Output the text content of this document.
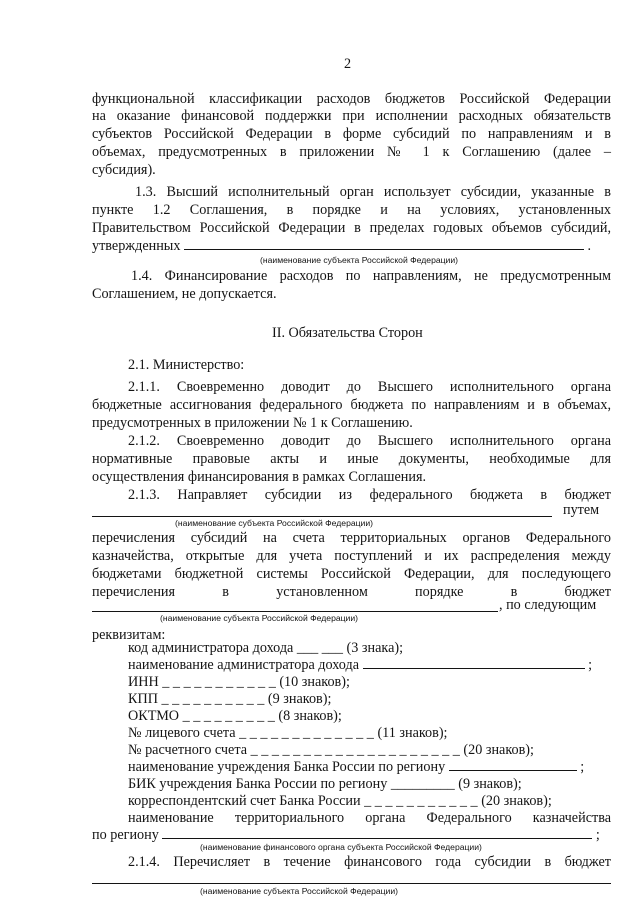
2
функциональной классификации расходов бюджетов Российской Федерации
на оказание финансовой поддержки при исполнении расходных обязательств
субъектов Российской Федерации в форме субсидий по направлениям и в
объемах, предусмотренных в приложении № 1 к Соглашению (далее –
субсидия).
1.3. Высший исполнительный орган использует субсидии, указанные в
пункте 1.2 Соглашения, в порядке и на условиях, установленных
Правительством Российской Федерации в пределах годовых объемов субсидий,
утвержденных	.
(наименование субъекта Российской Федерации)
1.4. Финансирование расходов по направлениям, не предусмотренным
Соглашением, не допускается.
II. Обязательства Сторон
2.1. Министерство:
2.1.1. Своевременно доводит до Высшего исполнительного органа
бюджетные ассигнования федерального бюджета по направлениям и в объемах,
предусмотренных в приложении № 1 к Соглашению.
2.1.2. Своевременно доводит до Высшего исполнительного органа
нормативные правовые акты и иные документы, необходимые для
осуществления финансирования в рамках Соглашения.
2.1.3. Направляет субсидии из федерального бюджета в бюджет
путем
(наименование субъекта Российской Федерации)
перечисления субсидий на счета территориальных органов Федерального
казначейства, открытые для учета поступлений и их распределения между
бюджетами бюджетной системы Российской Федерации, для последующего
перечисления в установленном порядке в бюджет
, по следующим
(наименование субъекта Российской Федерации)
реквизитам:
код администратора дохода ___ ___ (3 знака);
наименование администратора дохода	;
ИНН _ _ _ _ _ _ _ _ _ _ _ (10 знаков);
КПП _ _ _ _ _ _ _ _ _ _ (9 знаков);
ОКТМО _ _ _ _ _ _ _ _ _ (8 знаков);
№ лицевого счета _ _ _ _ _ _ _ _ _ _ _ _ _ (11 знаков);
№ расчетного счета _ _ _ _ _ _ _ _ _ _ _ _ _ _ _ _ _ _ _ _ (20 знаков);
наименование учреждения Банка России по региону	;
БИК учреждения Банка России по региону _________ (9 знаков);
корреспондентский счет Банка России _ _ _ _ _ _ _ _ _ _ _ (20 знаков);
наименование территориального органа Федерального казначейства
по региону	;
(наименование финансового органа субъекта Российской Федерации)
2.1.4. Перечисляет в течение финансового года субсидии в бюджет
(наименование субъекта Российской Федерации)
